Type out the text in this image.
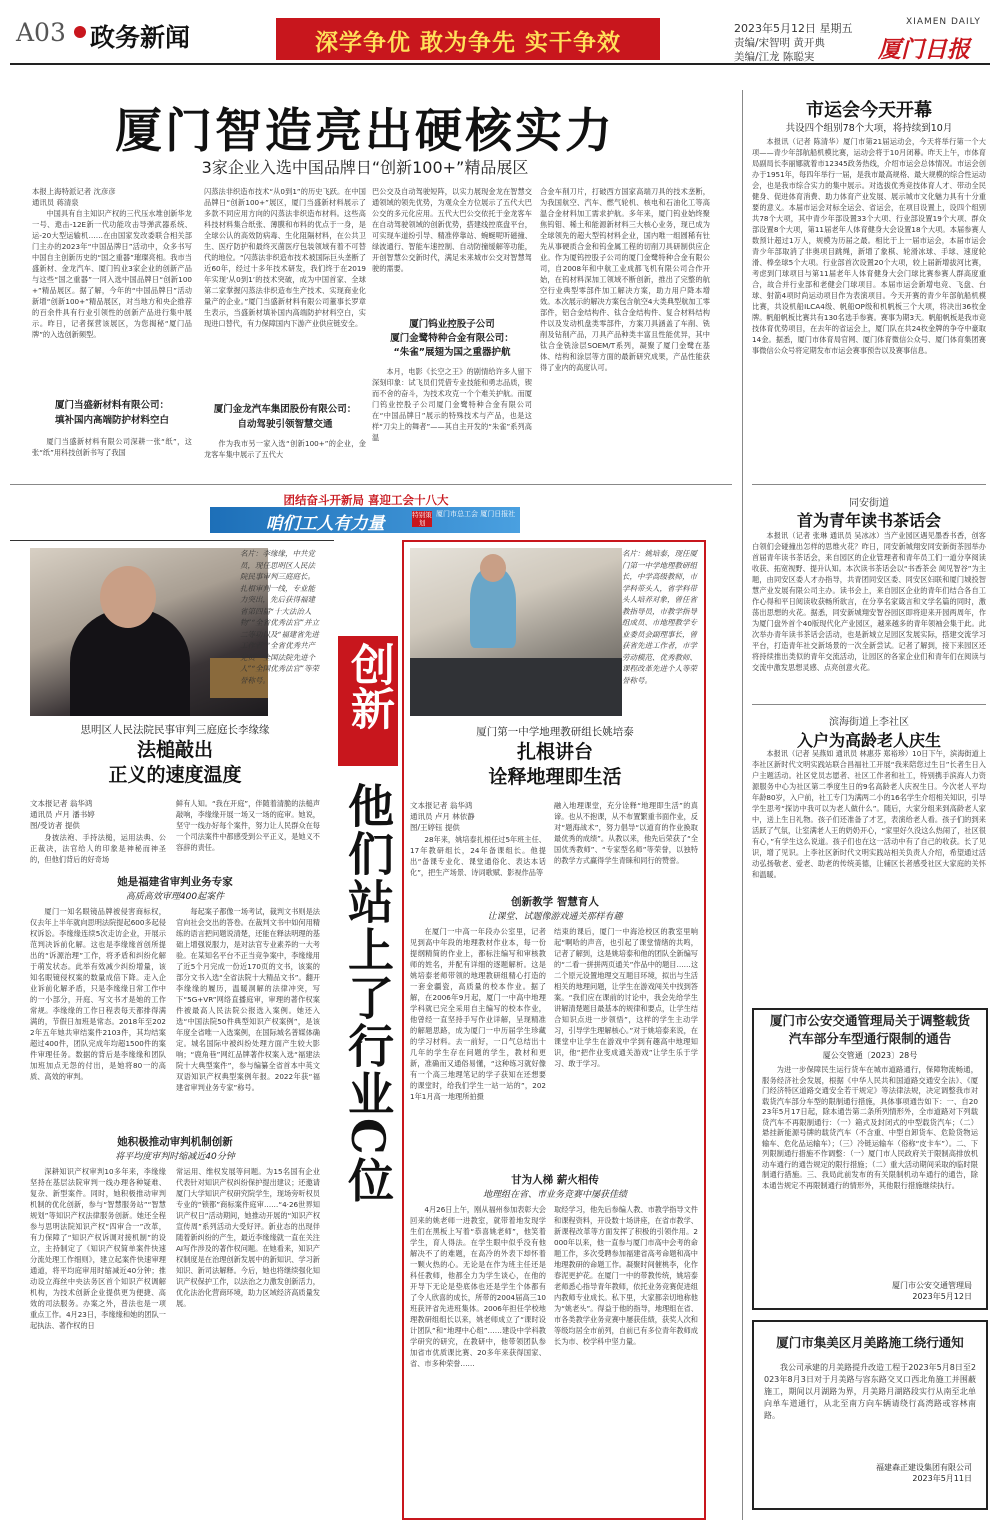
A03 政务新闻	深学争优 敢为争先 实干争效
2023年5月12日 星期五
责编/宋智明 黄开典
美编/江龙 陈聪実
XIAMEN DAILY
厦门日报
厦门智造亮出硬核实力
3家企业入选中国品牌日“创新100+”精品展区
本报上海特派记者 沈彦彦
通讯员 蒋清泉
中国具有自主知识产权的三代压水堆创新华龙一号、遨击-12E新一代功能攻击导弹武器系统、运-20大型运输机……在由国家发改委联合相关部门主办的2023年“中国品牌日”活动中，众多书写中国自主创新历史的“国之重器”璀璨亮相。我市当盛新材、金龙汽车、厦门钨业3家企业的创新产品与这些“国之重器”一同入选中国品牌日“创新100+”精品展区。据了解，今年的“中国品牌日”活动新增“创新100+”精品展区，对当地方和央企推荐的百余件具有行业引领性的创新产品进行集中展示。昨日，记者探营该展区，为您揭秘“厦门品牌”的入选创新频型。
厦门当盛新材料有限公司：
填补国内高端防护材料空白
厦门当盛新材料有限公司深耕一张“纸”，这张“纸”用科技创新书写了我国
闪蒸法非织造布技术“从0到1”的历史飞跃。在中国品牌日“创新100+”展区，厦门当盛新材料展示了多款不同应用方向的闪蒸法非织造布材料。这些高科技材料集合纸张、薄膜和布料的优点于一身，是全球公认的高效防病毒、生化阻隔材料，在公共卫生、医疗防护和最终灭菌医疗包装领域有着不可替代的地位。“闪蒸法非织造布技术被国际巨头垄断了近60年，经过十多年技术研发，我们终于在2019年实现‘从0到1’的技术突破，成为中国首家、全球第二家掌握闪蒸法非织造布生产技术、实现商业化量产的企业。”厦门当盛新材料有限公司董事长罗章生表示，当盛新材填补国内高端防护材料空白，实现进口替代，有力保障国内下游产业供应链安全。
厦门金龙汽车集团股份有限公司：
自动驾驶引领智慧交通
作为我市另一家入选“创新100+”的企业，金龙客车集中展示了五代大
巴公交及自动驾驶短阵，以实力展现金龙在智慧交通领域的领先优势，为观众全方位展示了五代大巴公交的多元化应用。五代大巴公交依托于金龙客车在自动驾驶领域的创新优势，搭建线控底盘平台，可实现车道纷引导、精准停靠站、蜿蜒呢听磁撞、绿波通行、智能车速控制、自动防撞缓解等功能，开创智慧公交新时代，满足未来城市公交对智慧驾驶的需要。
厦门钨业控股子公司
厦门金鹭特种合金有限公司：
“朱雀”展翅为国之重器护航
本月，电影《长空之王》的剧情给许多人留下深刻印象：试飞员们凭借专业技能和勇志品质，锲而不舍的奋斗，为技术攻克一个个难关护航。而厦门钨业控股子公司厦门金鹭特种合金有限公司在“中国品牌日”展示的特殊技术与产品，也是这样“刀尖上的舞者”——其自主开发的“朱雀”系列高温
合金车削刀片，打破西方国家高端刀具的技术垄断，为我国航空、汽车、燃气轮机、核电和石油化工等高温合金材料加工需求护航。多年来，厦门钨业始终聚焦钨钼、稀土和能源新材料三大核心业务，现已成为全球领先的超大型钨材料企业，国内唯一组圆稀有钍先从事硬质合金和钨金属工程的切削刀具研制供应企业。作为厦钨控股子公司的厦门金鹭特种合金有限公司，自2008年和中航工业成都飞机有限公司合作开始，在钨材料深加工领域不断创新，推出了完整的航空行业典型零部件加工解决方案，助力用户降本增效。本次展示的解决方案包含航空4大类典型航加工零部件，铝合金结构件、钛合金结构件、复合材料结构件以及发动机盘类零部件，方案刀具涵盖了车削、铣削及钻削产品，刀具产品种类丰富且性能优异，其中钛合金铣涂层SOEM/T系列，凝聚了厦门金鹭在基体、结构和涂层等方面的最新研究成果，产品性能获得了业内的高度认可。
市运会今天开幕
共设四个组别78个大项，将持续到10月
本报讯（记者 陈清华）厦门市第21届运动会，今天将举行第一个大项——青少年部航船机模比赛，运动会将于10月闭幕。昨天上午，市体育局副局长李丽娜就着市12345政务热线，介绍市运会总体情况。市运会创办于1951年，每四年举行一届，是我市最高规格、最大规模的综合性运动会，也是我市综合实力的集中展示。对选拔优秀竞技体育人才、带动全民健身、促进体育消费、助力体育产业发展、展示城市文化魅力具有十分重要的意义。本届市运会对标全运会、省运会，在项目设置上，设四个组别共78个大项，其中青少年部设置33个大项、行业部设置19个大项、群众部设置8个大项，第11届老年人体育健身大会设置18个大项。本届参赛人数预计超过1万人，规模为历届之最。相比于上一届市运会，本届市运会青少年部取消了非奥项目跳绳，新增了象棋、轮滑冰球、手球、速度轮滑、棒垒球5个大项。行业部首次设置20个大项，较上届新增拔河比赛，考虑到门球项目与第11届老年人体育健身大会门球比赛参赛人群高度重合，故合并行业部和老健会门球项目。本届市运会新增电竞、飞盘、台球、射箭4项时尚运动项目作为表演项目。今天开赛的青少年部航船机模比赛，共设机船ILCA4级、帆船OP级和机帆板三个大项，将决出36枚金牌。帆船帆板比赛共有130名选手参赛。赛事为期3天。帆船帆板是我市竞技体育优势项目，在去年的省运会上，厦门队在共24枚金牌的争夺中豪取14金。据悉，厦门市体育局官网、厦门体育微信公众号、厦门体育集团赛事微信公众号将定期发布市运会赛事预告以及赛事信息。
同安街道
首为青年读书茶话会
本报讯（记者 张琳 通讯员 吴冰冰）当产业园区遇见墨香书香，创客白领们会碰撞出怎样的思维火花？昨日，同安新城翔安同安新街茶园举办首届青年读书茶话会，来自园区的企业管理者和青年员工们一道分享阅读收获、拓宽视野、提升认知。本次读书茶话会以“书香茶会 阅见智谷”为主题，由同安区委人才办指导，共青团同安区委、同安区妇联和厦门城投智慧产业发展有限公司主办。读书会上，来自园区企业的青年们结合各自工作心得和平日阅读收获畅所欲言，在分享名家箴言和文学名篇的同时，激荡出思想的火花。据悉，同安新城翔安智谷园区即将迎来开园两周年，作为厦门盘外首个40版现代化产业园区，越来越多的青年领袖会集于此。此次举办青年读书茶话会活动，也是新城立足园区发展实际，搭建交流学习平台，打造青年社交新场景的一次全新尝试。记者了解到，接下来园区还将持续推出类似的青年交流活动，让园区的各家企业们和青年们在阅读与交流中激发思想灵感、点亮创意火花。
滨海街道上李社区
入户为高龄老人庆生
本报讯（记者 吴燕如 通讯员 林惠芬 郑裕珍）10日下午，滨海街道上李社区新时代文明实践站联合昌福社工开展“我来陪您过生日”长者生日入户主题活动。社区党员志愿者、社区工作者和社工，特别携手滨海人力资源服务中心为社区第二季度生日的9名高龄老人庆祝生日。今次老人平均年龄80岁，入户前，社工专门为满两二小的16名学生介绍相关知识，引导学生思考“探访中我可以为老人做什么”。随后，大家分组来到高龄老人家中，送上生日礼物。孩子们还准备了才艺，表演给老人看。孩子们的到来活跃了气氛，让室满老人王的奶奶开心，“家里好久没这么热闹了，社区很有心，”有学生这么说道。孩子们也在这一活动中有了自己的收获。长了见识，增了见识。上李社区新时代文明实践站相关负责人介绍，希望通过活动弘扬敬老、爱老、助老的传统美德，让辅区长者感受社区大家庭的关怀和温暖。
厦门市公安交通管理局关于调整载货汽车部分车型通行限制的通告
厦公交管通〔2023〕28号
为进一步保障民生运行货车在城市道路通行，保障物流畅通，服务经济社会发展，根据《中华人民共和国道路交通安全法》、《厦门经济特区道路交通安全若干规定》等法律法规，决定调整我市对载货汽车部分车型的限制通行措施，具体事项通告如下：一、自2023年5月17日起，除本通告第二条所列情形外，全市道路对下列载货汽车不再限制通行：（一）箱式及封闭式的中型载货汽车；（二）悬挂新能源号牌的载货汽车（不含重、中型自卸货车、危险货物运输车、危化品运输车）；（三）冷链运输车（俗称“皮卡车”）。二、下列限制通行措施不作调整：（一）厦门市人民政府关于限制高排放机动车通行的通告规定的限行措施；（二）重大活动期间采取的临时限制通行措施。三、我局此前发布的有关限制机动车通行的通告，除本通告规定不再限制通行的情形外，其他限行措施继续执行。
厦门市公安交通管理局
2023年5月12日
厦门市集美区月美路施工绕行通知
我公司承建的月美路提升改造工程于2023年5月8日至2023年8月3日对于月美路与容东路交叉口西北角施工并围蔽施工，期间以月湖路为界，月美路月湖路段实行从南至北单向单车道通行，从北至南方向车辆请绕行高湾路或容林南路。
福建森正建设集团有限公司
2023年5月11日
团结奋斗开新局 喜迎工会十八大
咱们工人有力量	特别策划
厦门市总工会 厦门日报社
名片：李缘缘，中共党员，现任思明区人民法院民事审判三庭庭长。扎根审判一线，专业能力突出，先后获得福建省第四届“十大法治人物”“全省优秀法官”并立二等功以及“福建省先进工作者”“全省优秀共产党员”“全国法院先进个人”“全国优秀法官”等荣誉称号。
思明区人民法院民事审判三庭庭长李缘缘
法槌敲出
正义的速度温度
文本报记者 翁华鸿
通讯员 卢月 潘书婷
图/受访者 提供
身披法袍、手持法槌，运用法典、公正裁决，法官给人的印象是神秘而神圣的，但他们背后的好奇场
鲜有人知。“我在开庭”，伴随着清脆的法槌声敲响，李缘缘开展一场又一场的庭审。她说，坚守一线办好每个案件，努力让人民群众在每一个司法案件中都感受到公平正义，是她义不容辞的责任。
她是福建省审判业务专家
高质高效审理400起案件
厦门一知名眼镜品牌被侵害商标权，仅去年上半年就向思明法院提起600多起侵权诉讼。李缘缘连续5次走访企业，开展示范判决诉前化解。这也是李缘缘首创所提出的“诉源治理”工作，将矛盾和纠纷化解于萌发状态。此举有效减少纠纷增量，该知名眼镜侵权案的数量成倍下降。走入企业诉前化解矛盾，只是李缘缘日常工作中的一小部分，开庭、写文书才是她的工作常规。李缘缘的工作日程表每天都排得满满的，节假日加班是常态。2018年至2022年五年她共审结案件2103件，其均结案超过400件，团队完成年均超1500件的案件审理任务。数据的背后是李缘缘和团队加班加点无怨的付出，是她将80一的高质、高效的审判。
每起案子都像一场考试，裁判文书则是法官向社会交出的答卷。在裁判文书中如何用精练的语言把问题说清楚，还能在释法明理的基础上增强说服力，是对法官专业素养的一大考验。在某知名平台不正当竞争案中，李缘缘用了近5个月完成一份近170页的文书，该案的部分文书入选“全省法院十大精品文书”。翻开李缘缘的履历，温暖洞解的法律冲突，写下“5G+VR”网络直播庭审，审理的著作权案件被最高人民法院公报选入案例。她还入选“中国法院50件典型知识产权案例”，是该年度全省唯一入选案例，在国际城名普媒体确定。城名国际中被纠纷处理方面产生较大影响；“鹿角巷”网红品牌著作权案入选“福建法院十大典型案件”，参与编纂全省首本中英文双语知识产权典型案例年报。2022年获“福建省审判业务专家”称号。
她积极推动审判机制创新
将平均度审判时缩减近40分钟
深耕知识产权审判10多年来，李缘缘坚持在基层法院审判一线办理各种疑难、复杂、新型案件。同时，她积极推动审判机制的优化创新，参与“智慧服务站”“智慧规划”等知识产权法律服务创新。她还全程参与思明法院知识产权“四审合一”改革，有力保障了“知识产权诉调对接机制”的设立，主持制定了《知识产权简单案件快速分流处理工作细则》，建立起案件快速审理通道，将平均庭审用时缩减近40分钟；推动设立海丝中央法务区首个知识产权调解机构，为技术创新企业提供更为便捷、高效的司法服务。办案之外，普法也是一项重点工作。4月23日，李缘缘和她的团队一起执法、著作权的日
常运用、维权发展等问题。为15名国有企业代表针对知识产权纠纷保护提出建议；还邀请厦门大学知识产权研究院学生，现场旁听权员专业的“锁都”商标案件庭审……“4·26世界知识产权日”活动期间，她推动开展的“知识产权宣传周”系列活动大受好评。新业态的出现伴随着新纠纷的产生，最近李缘缘就一直在关注AI写作涉及的著作权问题。在她看来，知识产权制度是在治理创新发展中的新知识、学习新知识、新司法解释。今后，她也将继续强化知识产权保护工作，以法治之力激发创新活力，优化法治化营商环境，助力区域经济高质量发展。
创新
他们站上了行业C位
名片：姚培泰，现任厦门第一中学地理教研组长，中学高级教师，市学科带头人，省学科带头人培养对象，曾任省教指导员，市教学指导组成员、市地理教学专业委员会副理事长，曾获省先进工作者，市学劳动模范、优秀教师、课程改革先进个人等荣誉称号。
厦门第一中学地理教研组长姚培泰
扎根讲台
诠释地理即生活
文本报记者 翁华鸿
通讯员 卢月 林依静
图/王婷钰 提供
28年来，姚培泰扎根任过5年班主任、17年教研组长，24年备课组长。他提出“备课专业化、课堂通俗化、表达本话化”，把生产场景、诗词歌赋、影视作品等
融入地理课堂，充分诠释“地理即生活”的真谛。也从不抱课，从不布置繁重书面作业，反对“题海战术”，努力倡导“以道育的作业换取最优秀的成绩”。从教以来，他先后荣获了“全国优秀教师”、“专家型名师”等荣誉，以独特的教学方式赢得学生青睐和同行的赞誉。
创新教学 智慧育人
让课堂、试题像游戏通关那样有趣
在厦门一中高一年段办公室里，记者见到高中年段的地理教材作业本，每一份提纲精简的作业上，都标注编写和审核教师的姓名，并配有详细的逐题解析。这是姚培泰老师带领的地理教研组精心打造的一套金疆瓷，高质量的校本作业。据了解，在2006年9月起，厦门一中高中地理学科就已完全采用自主编写的校本作业，他曾经一直坚持手写作业详解，呈现精准的解题思路，成为厦门一中历届学生珍藏的学习材料。去一前好，一口气总结出十几年的学生存在问题的学生，教材和更新，准确而又通俗易懂，“这种练习就好像有一个高三地理笔记的学子获知在还想要的课堂时，给我们学生一站一站的”，2021年1月高一地理所拍摄
结束的课后，厦门一中海沧校区的教室里响起“啊哈的声音，也引起了课堂情绪的共鸣，记者了解到，这是姚培泰和他的团队全新编写的“二看一拼拼两页通关”作品中的题目……这二个原元设置地理交互题目环境，拟出与生活相关的地理问题，让学生在游戏闯关中找到答案。“我们应在课前的讨论中，我会先给学生讲解清楚题目最基本的规律和要点，让学生结合知识点进一步领悟”，这样的学生主动学习，引导学生理解核心。”对于姚培泰来说，在课堂中让学生在游戏中学到有趣高中地理知识，他“把作业变成通关游戏”让学生乐于学习、敢于学习。
甘为人梯 薪火相传
地理组在省、市业务竞赛中屡获佳绩
4月26日上午，刚从福州参加表彰大会回来的姚老师一进教室，就带着地发现学生们在黑板上写着“恭喜姚老师”，他笑着学生，育人得法。在学生眼中似乎没有他解决不了的难题，在高冷的外表下却怀着一颗火热的心。无论是在作为班主任还是科任教师，他都全力为学生谈心，在他的开导下无论是垫底体也还是学生个体都有了令人欣喜的成长，所带的2004届高三10班获评省先进班集体。2006年担任学校地理教研组组长以来，姚老师成立了“课时设计团队”和“地理中心组”……建设中学科教学研究的研究，在教研中，他带领团队参加省市优质课比赛、20多年来获得国家、省、市多种荣誉……
取经学习，他先后参编人教、市教学指导文件和课程资料，开设数十场讲座，在省市教学、新课程改革等方面发挥了积极的引领作用。2000年以来，他一直参与厦门市高中会考的命题工作，多次受聘参加福建省高考命题和高中地理教研的命题工作。凝聚时间催桃李，化作春泥更护花。在厦门一中的带教传统，姚培泰老师悉心指导青年教师，依托业务竞赛促进组内教师专业成长。私下里，大家都亲切地称他为“姚老头”。得益于他的指导，地理组在省、市各类教学业务竞赛中屡获佳绩，获奖人次和等级均居全市前列，自前已有多位青年教师成长为市、校学科中坚力量。
